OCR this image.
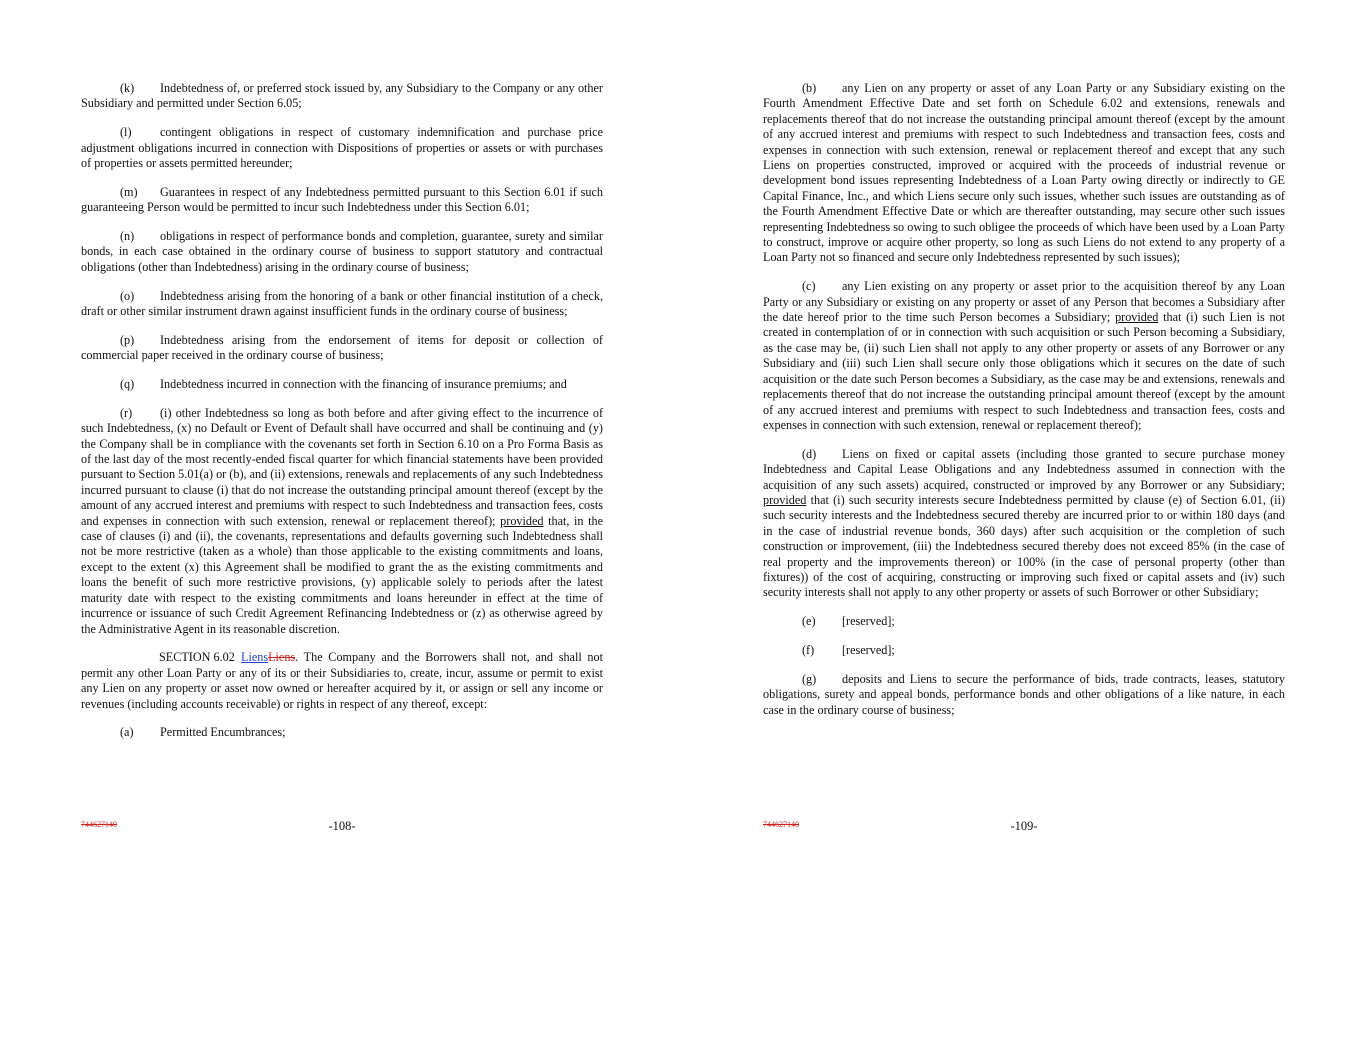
(k) Indebtedness of, or preferred stock issued by, any Subsidiary to the Company or any other Subsidiary and permitted under Section 6.05;

(l) contingent obligations in respect of customary indemnification and purchase price adjustment obligations incurred in connection with Dispositions of properties or assets or with purchases of properties or assets permitted hereunder;

(m) Guarantees in respect of any Indebtedness permitted pursuant to this Section 6.01 if such guaranteeing Person would be permitted to incur such Indebtedness under this Section 6.01;

(n) obligations in respect of performance bonds and completion, guarantee, surety and similar bonds, in each case obtained in the ordinary course of business to support statutory and contractual obligations (other than Indebtedness) arising in the ordinary course of business;

(o) Indebtedness arising from the honoring of a bank or other financial institution of a check, draft or other similar instrument drawn against insufficient funds in the ordinary course of business;

(p) Indebtedness arising from the endorsement of items for deposit or collection of commercial paper received in the ordinary course of business;

(q) Indebtedness incurred in connection with the financing of insurance premiums; and

(r) (i) other Indebtedness so long as both before and after giving effect to the incurrence of such Indebtedness, (x) no Default or Event of Default shall have occurred and shall be continuing and (y) the Company shall be in compliance with the covenants set forth in Section 6.10 on a Pro Forma Basis as of the last day of the most recently-ended fiscal quarter for which financial statements have been provided pursuant to Section 5.01(a) or (b), and (ii) extensions, renewals and replacements of any such Indebtedness incurred pursuant to clause (i) that do not increase the outstanding principal amount thereof (except by the amount of any accrued interest and premiums with respect to such Indebtedness and transaction fees, costs and expenses in connection with such extension, renewal or replacement thereof); provided that, in the case of clauses (i) and (ii), the covenants, representations and defaults governing such Indebtedness shall not be more restrictive (taken as a whole) than those applicable to the existing commitments and loans, except to the extent (x) this Agreement shall be modified to grant the as the existing commitments and loans the benefit of such more restrictive provisions, (y) applicable solely to periods after the latest maturity date with respect to the existing commitments and loans hereunder in effect at the time of incurrence or issuance of such Credit Agreement Refinancing Indebtedness or (z) as otherwise agreed by the Administrative Agent in its reasonable discretion.

SECTION 6.02 LiensLiens. The Company and the Borrowers shall not, and shall not permit any other Loan Party or any of its or their Subsidiaries to, create, incur, assume or permit to exist any Lien on any property or asset now owned or hereafter acquired by it, or assign or sell any income or revenues (including accounts receivable) or rights in respect of any thereof, except:

(a) Permitted Encumbrances;

744627140	-108-

(b) any Lien on any property or asset of any Loan Party or any Subsidiary existing on the Fourth Amendment Effective Date and set forth on Schedule 6.02 and extensions, renewals and replacements thereof that do not increase the outstanding principal amount thereof (except by the amount of any accrued interest and premiums with respect to such Indebtedness and transaction fees, costs and expenses in connection with such extension, renewal or replacement thereof and except that any such Liens on properties constructed, improved or acquired with the proceeds of industrial revenue or development bond issues representing Indebtedness of a Loan Party owing directly or indirectly to GE Capital Finance, Inc., and which Liens secure only such issues, whether such issues are outstanding as of the Fourth Amendment Effective Date or which are thereafter outstanding, may secure other such issues representing Indebtedness so owing to such obligee the proceeds of which have been used by a Loan Party to construct, improve or acquire other property, so long as such Liens do not extend to any property of a Loan Party not so financed and secure only Indebtedness represented by such issues);

(c) any Lien existing on any property or asset prior to the acquisition thereof by any Loan Party or any Subsidiary or existing on any property or asset of any Person that becomes a Subsidiary after the date hereof prior to the time such Person becomes a Subsidiary; provided that (i) such Lien is not created in contemplation of or in connection with such acquisition or such Person becoming a Subsidiary, as the case may be, (ii) such Lien shall not apply to any other property or assets of any Borrower or any Subsidiary and (iii) such Lien shall secure only those obligations which it secures on the date of such acquisition or the date such Person becomes a Subsidiary, as the case may be and extensions, renewals and replacements thereof that do not increase the outstanding principal amount thereof (except by the amount of any accrued interest and premiums with respect to such Indebtedness and transaction fees, costs and expenses in connection with such extension, renewal or replacement thereof);

(d) Liens on fixed or capital assets (including those granted to secure purchase money Indebtedness and Capital Lease Obligations and any Indebtedness assumed in connection with the acquisition of any such assets) acquired, constructed or improved by any Borrower or any Subsidiary; provided that (i) such security interests secure Indebtedness permitted by clause (e) of Section 6.01, (ii) such security interests and the Indebtedness secured thereby are incurred prior to or within 180 days (and in the case of industrial revenue bonds, 360 days) after such acquisition or the completion of such construction or improvement, (iii) the Indebtedness secured thereby does not exceed 85% (in the case of real property and the improvements thereon) or 100% (in the case of personal property (other than fixtures)) of the cost of acquiring, constructing or improving such fixed or capital assets and (iv) such security interests shall not apply to any other property or assets of such Borrower or other Subsidiary;

(e) [reserved];

(f) [reserved];

(g) deposits and Liens to secure the performance of bids, trade contracts, leases, statutory obligations, surety and appeal bonds, performance bonds and other obligations of a like nature, in each case in the ordinary course of business;

744627140	-109-
